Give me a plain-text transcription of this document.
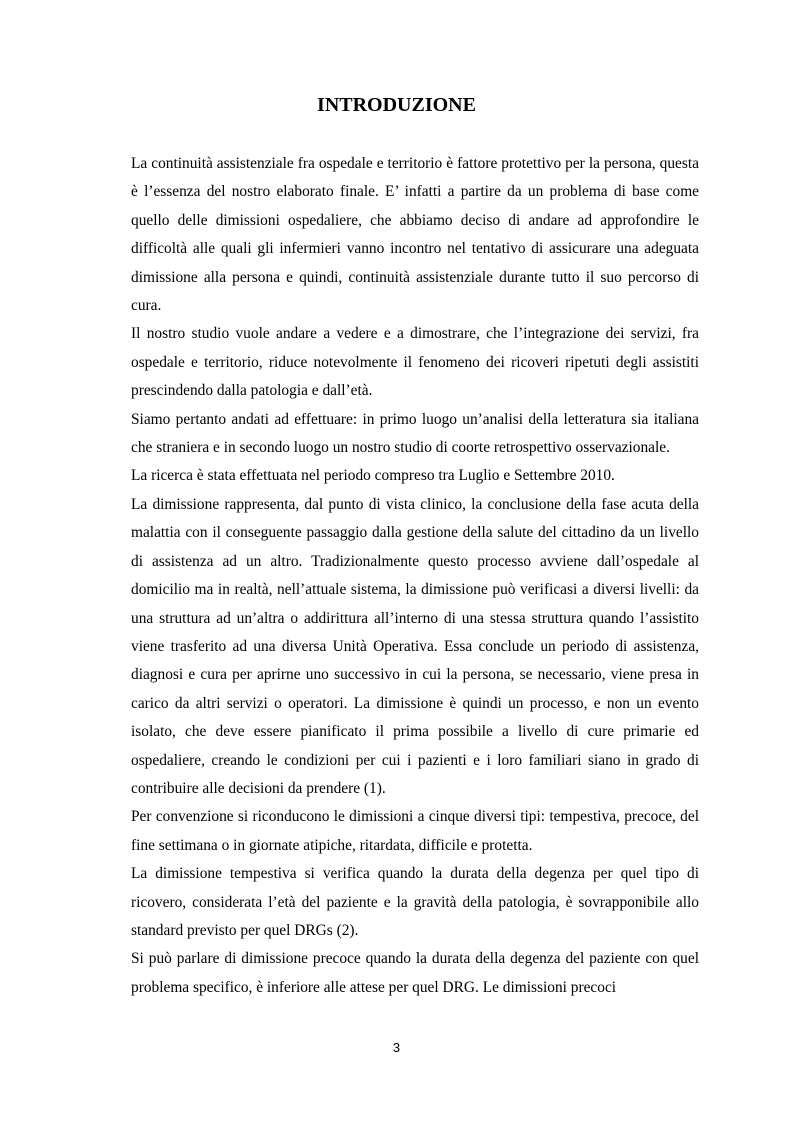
INTRODUZIONE

La continuità assistenziale fra ospedale e territorio è fattore protettivo per la persona, questa è l’essenza del nostro elaborato finale. E’ infatti a partire da un problema di base come quello delle dimissioni ospedaliere, che abbiamo deciso di andare ad approfondire le difficoltà alle quali gli infermieri vanno incontro nel tentativo di assicurare una adeguata dimissione alla persona e quindi, continuità assistenziale durante tutto il suo percorso di cura.

Il nostro studio vuole andare a vedere e a dimostrare, che l’integrazione dei servizi, fra ospedale e territorio, riduce notevolmente il fenomeno dei ricoveri ripetuti degli assistiti prescindendo dalla patologia e dall’età.

Siamo pertanto andati ad effettuare: in primo luogo un’analisi della letteratura sia italiana che straniera e in secondo luogo un nostro studio di coorte retrospettivo osservazionale.

La ricerca è stata effettuata nel periodo compreso tra Luglio e Settembre 2010.

La dimissione rappresenta, dal punto di vista clinico, la conclusione della fase acuta della malattia con il conseguente passaggio dalla gestione della salute del cittadino da un livello di assistenza ad un altro. Tradizionalmente questo processo avviene dall’ospedale al domicilio ma in realtà, nell’attuale sistema, la dimissione può verificasi a diversi livelli: da una struttura ad un’altra o addirittura all’interno di una stessa struttura quando l’assistito viene trasferito ad una diversa Unità Operativa. Essa conclude un periodo di assistenza, diagnosi e cura per aprirne uno successivo in cui la persona, se necessario, viene presa in carico da altri servizi o operatori. La dimissione è quindi un processo, e non un evento isolato, che deve essere pianificato il prima possibile a livello di cure primarie ed ospedaliere, creando le condizioni per cui i pazienti e i loro familiari siano in grado di contribuire alle decisioni da prendere (1).

Per convenzione si riconducono le dimissioni a cinque diversi tipi: tempestiva, precoce, del fine settimana o in giornate atipiche, ritardata, difficile e protetta.

La dimissione tempestiva si verifica quando la durata della degenza per quel tipo di ricovero, considerata l’età del paziente e la gravità della patologia, è sovrapponibile allo standard previsto per quel DRGs (2).

Si può parlare di dimissione precoce quando la durata della degenza del paziente con quel problema specifico, è inferiore alle attese per quel DRG. Le dimissioni precoci

3
